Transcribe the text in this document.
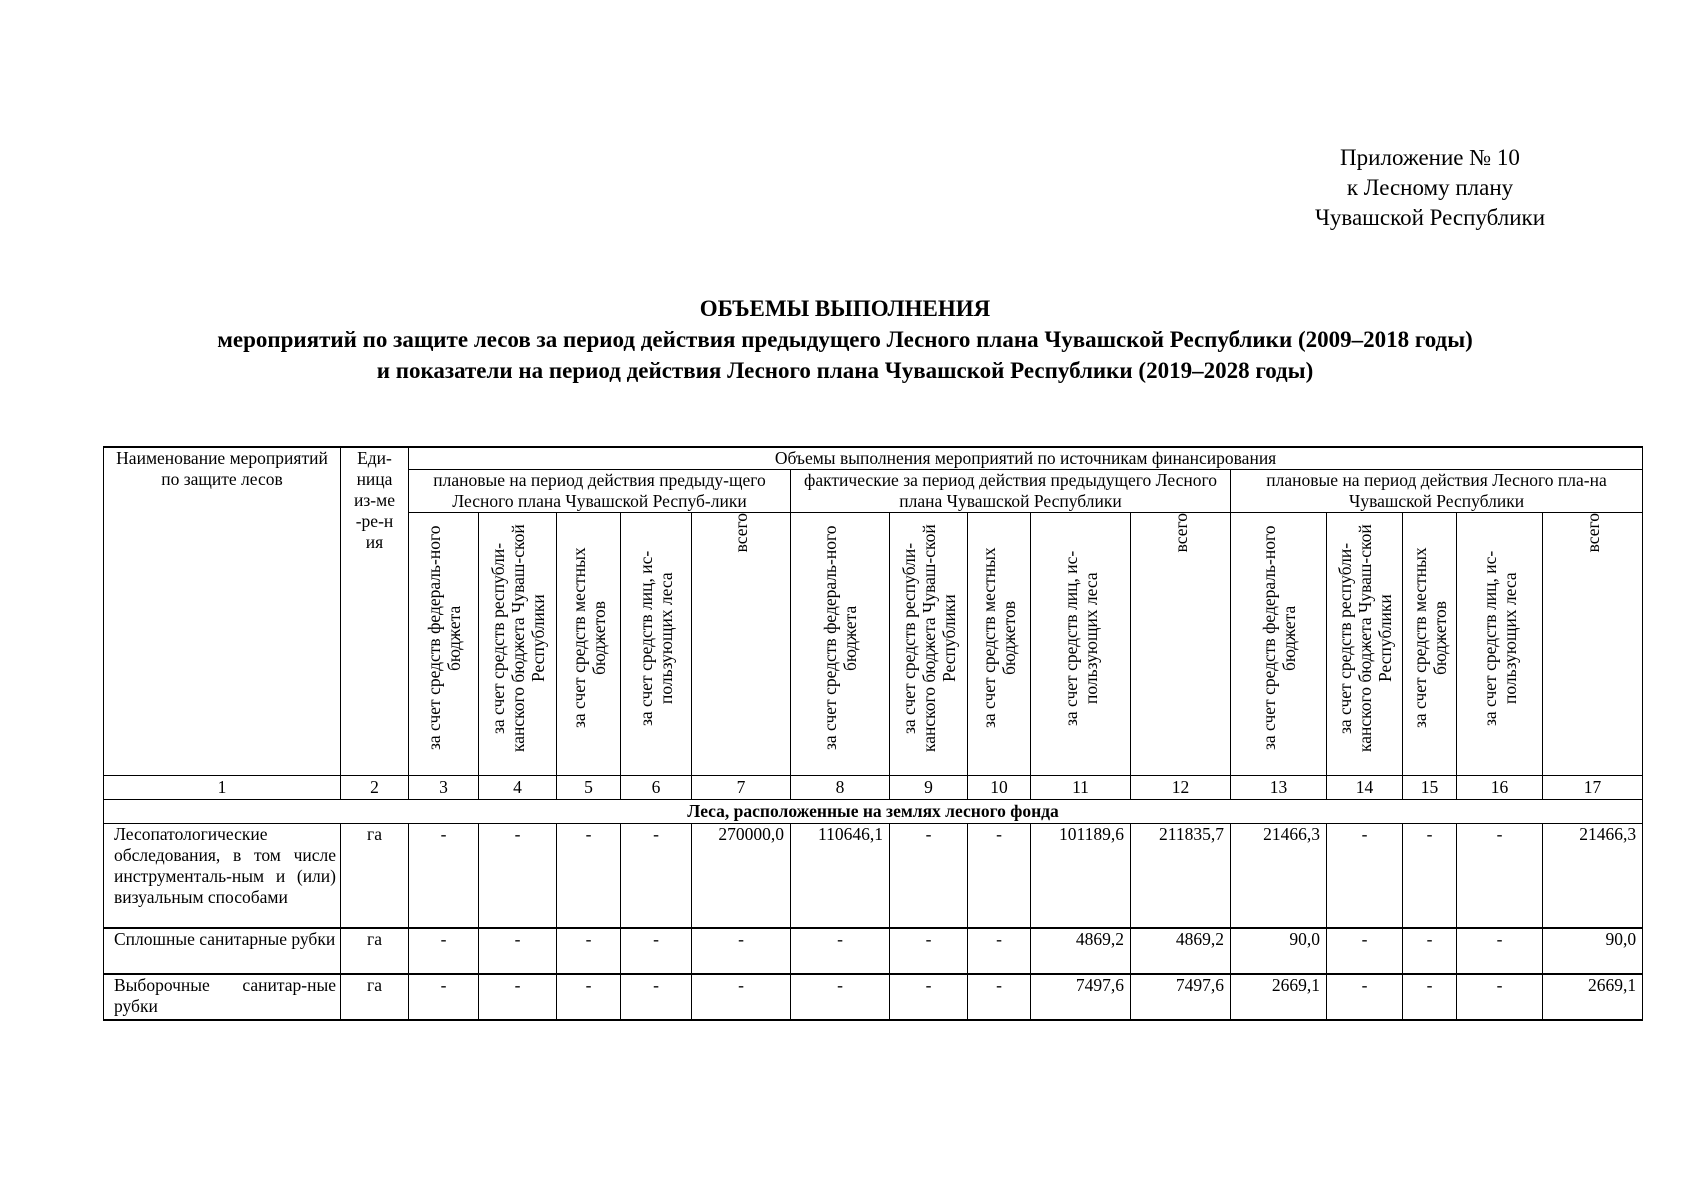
Приложение № 10
к Лесному плану
Чувашской Республики
ОБЪЕМЫ ВЫПОЛНЕНИЯ
мероприятий по защите лесов за период действия предыдущего Лесного плана Чувашской Республики (2009–2018 годы)
и показатели на период действия Лесного плана Чувашской Республики (2019–2028 годы)
Наименование мероприятий по защите лесов	Еди-ница из-ме-ре-ния	Объемы выполнения мероприятий по источникам финансирования														
		плановые на период действия предыду-щего Лесного плана Чувашской Респуб-лики					фактические за период действия предыдущего Лесного плана Чувашской Республики					плановые на период действия Лесного пла-на Чувашской Республики				

		за счет средств федераль-ного бюджета	за счет средств республи-канского бюджета Чуваш-ской Республики	за счет средств местных бюджетов	за счет средств лиц, ис-пользующих леса	всего	за счет средств федераль-ного бюджета	за счет средств республи-канского бюджета Чуваш-ской Республики	за счет средств местных бюджетов	за счет средств лиц, ис-пользующих леса	всего	за счет средств федераль-ного бюджета	за счет средств республи-канского бюджета Чуваш-ской Республики	за счет средств местных бюджетов	за счет средств лиц, ис-пользующих леса	всего

1	2	3	4	5	6	7	8	9	10	11	12	13	14	15	16	17
Леса, расположенные на землях лесного фонда																
Лесопатологические обследования, в том числе инструменталь-ным и (или) визуальным способами	га	-	-	-	-	270000,0	110646,1	-	-	101189,6	211835,7	21466,3	-	-	-	21466,3
Сплошные санитарные рубки	га	-	-	-	-	-	-	-	-	4869,2	4869,2	90,0	-	-	-	90,0
Выборочные санитар-ные рубки	га	-	-	-	-	-	-	-	-	7497,6	7497,6	2669,1	-	-	-	2669,1
